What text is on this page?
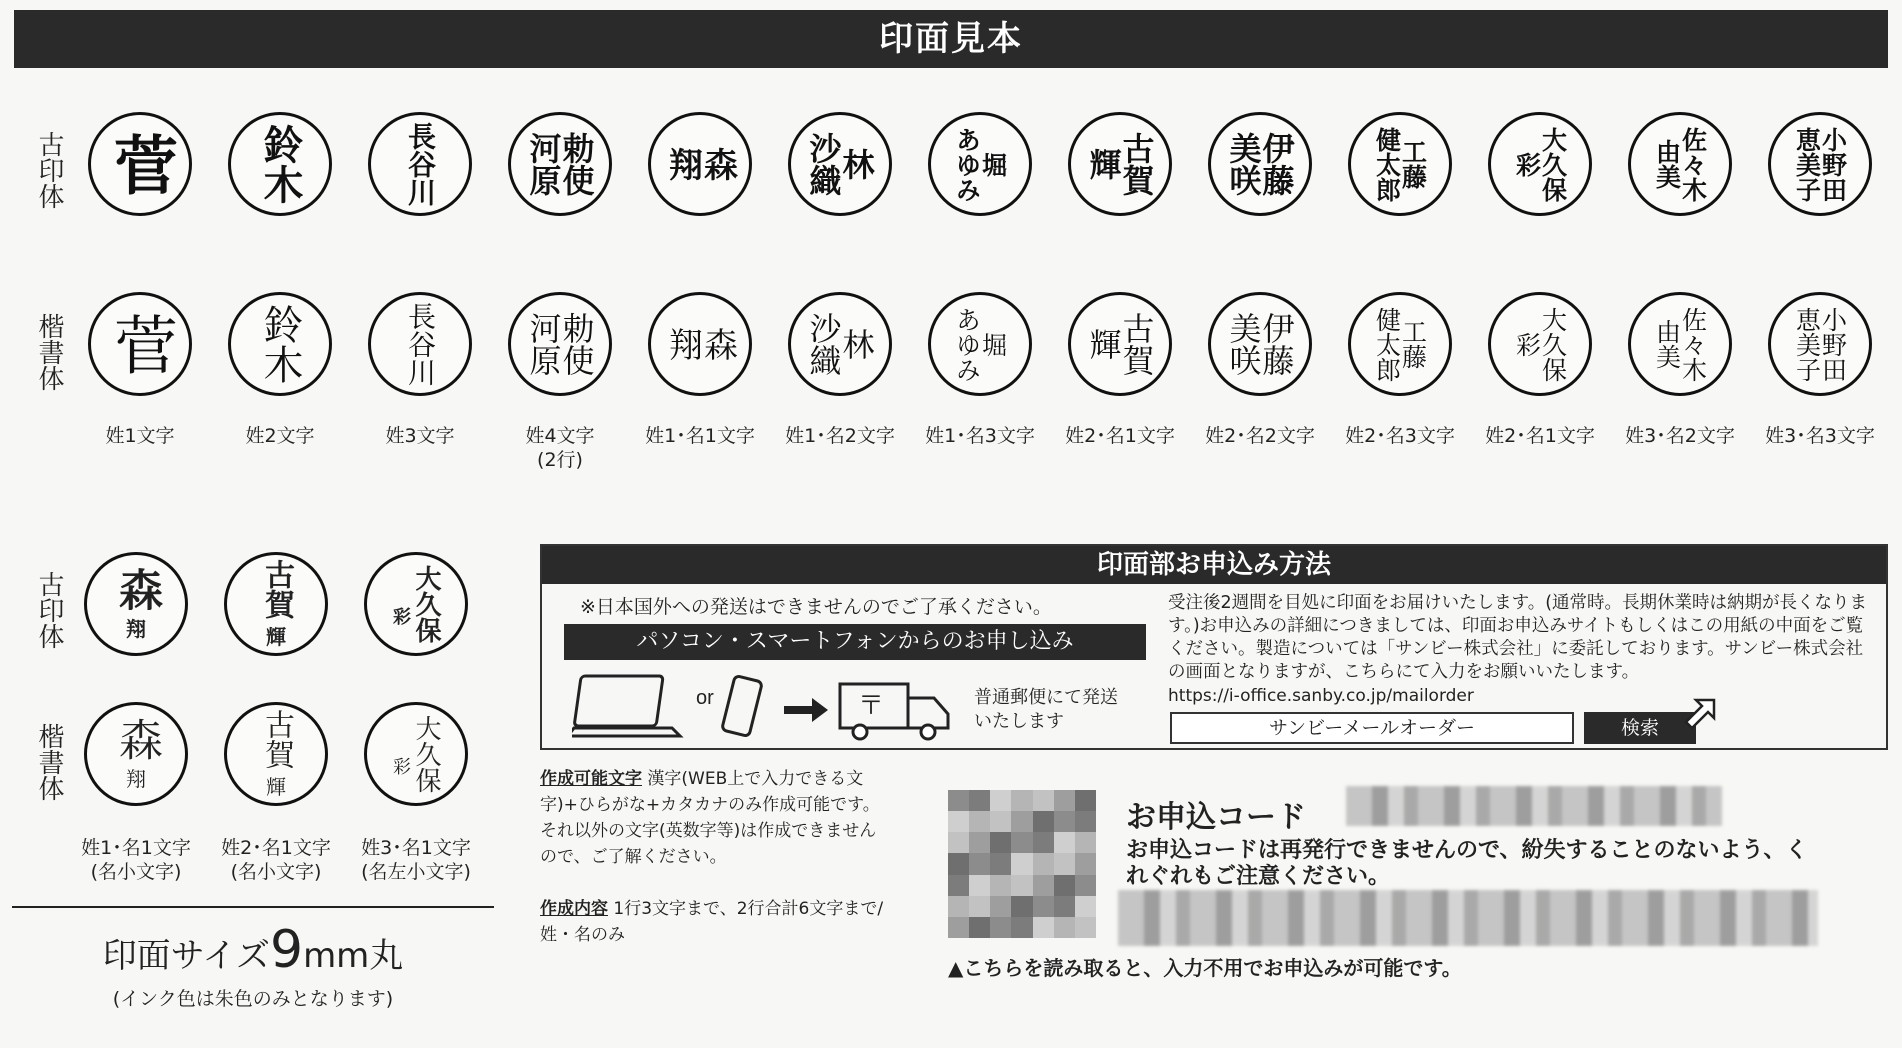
印面見本
古印体
楷書体
古印体
楷書体
菅
菅
姓1文字
鈴木
鈴木
姓2文字
長谷川
長谷川
姓3文字
勅使
河原
勅使
河原
姓4文字
(2行)
森
翔
森
翔
姓1･名1文字
林
沙織
林
沙織
姓1･名2文字
堀
あゆみ
堀
あゆみ
姓1･名3文字
古賀
輝
古賀
輝
姓2･名1文字
伊藤
美咲
伊藤
美咲
姓2･名2文字
工藤
健太郎
工藤
健太郎
姓2･名3文字
大久保
彩
大久保
彩
姓2･名1文字
佐々木
由美
佐々木
由美
姓3･名2文字
小野田
恵美子
小野田
恵美子
姓3･名3文字
森
翔
森
翔
姓1･名1文字
(名小文字)
古賀
輝
古賀
輝
姓2･名1文字
(名小文字)
大久保
彩
大久保
彩
姓3･名1文字
(名左小文字)
印面サイズ9mm丸
(インク色は朱色のみとなります)
印面部お申込み方法
※日本国外への発送はできませんのでご了承ください。
パソコン・スマートフォンからのお申し込み
or	〒	普通郵便にて発送
いたします
受注後2週間を目処に印面をお届けいたします。(通常時。長期休業時は納期が長くなります。)お申込みの詳細につきましては、印面お申込みサイトもしくはこの用紙の中面をご覧ください。製造については「サンビー株式会社」に委託しております。サンビー株式会社の画面となりますが、こちらにて入力をお願いいたします。
https://i-office.sanby.co.jp/mailorder
サンビーメールオーダー	検索
作成可能文字 漢字(WEB上で入力できる文字)+ひらがな+カタカナのみ作成可能です。それ以外の文字(英数字等)は作成できませんので、ご了解ください。
作成内容 1行3文字まで、2行合計6文字まで/姓・名のみ
お申込コード
お申込コードは再発行できませんので、紛失することのないよう、くれぐれもご注意ください。
▲こちらを読み取ると、入力不用でお申込みが可能です。
